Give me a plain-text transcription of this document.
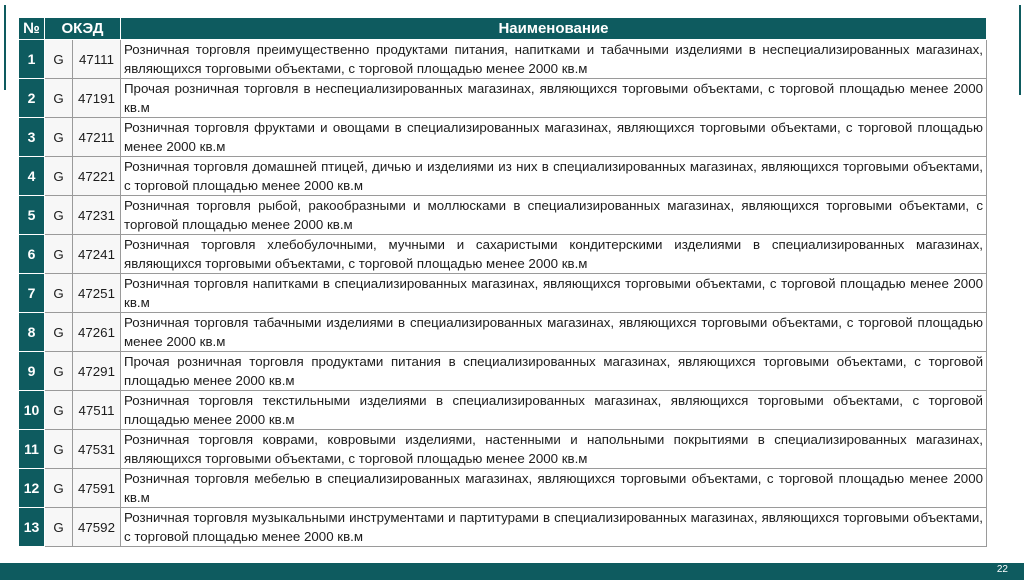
№	ОКЭД		Наименование
1	G	47111	Розничная торговля преимущественно продуктами питания, напитками и табачными изделиями в неспециализированных магазинах, являющихся торговыми объектами, с торговой площадью менее 2000 кв.м
2	G	47191	Прочая розничная торговля в неспециализированных магазинах, являющихся торговыми объектами, с торговой площадью менее 2000 кв.м
3	G	47211	Розничная торговля фруктами и овощами в специализированных магазинах, являющихся торговыми объектами, с торговой площадью менее 2000 кв.м
4	G	47221	Розничная торговля домашней птицей, дичью и изделиями из них в специализированных магазинах, являющихся торговыми объектами, с торговой площадью менее 2000 кв.м
5	G	47231	Розничная торговля рыбой, ракообразными и моллюсками в специализированных магазинах, являющихся торговыми объектами, с торговой площадью менее 2000 кв.м
6	G	47241	Розничная торговля хлебобулочными, мучными и сахаристыми кондитерскими изделиями в специализированных магазинах, являющихся торговыми объектами, с торговой площадью менее 2000 кв.м
7	G	47251	Розничная торговля напитками в специализированных магазинах, являющихся торговыми объектами, с торговой площадью менее 2000 кв.м
8	G	47261	Розничная торговля табачными изделиями в специализированных магазинах, являющихся торговыми объектами, с торговой площадью менее 2000 кв.м
9	G	47291	Прочая розничная торговля продуктами питания в специализированных магазинах, являющихся торговыми объектами, с торговой площадью менее 2000 кв.м
10	G	47511	Розничная торговля текстильными изделиями в специализированных магазинах, являющихся торговыми объектами, с торговой площадью менее 2000 кв.м
11	G	47531	Розничная торговля коврами, ковровыми изделиями, настенными и напольными покрытиями в специализированных магазинах, являющихся торговыми объектами, с торговой площадью менее 2000 кв.м
12	G	47591	Розничная торговля мебелью в специализированных магазинах, являющихся торговыми объектами, с торговой площадью менее 2000 кв.м
13	G	47592	Розничная торговля музыкальными инструментами и партитурами в специализированных магазинах, являющихся торговыми объектами, с торговой площадью менее 2000 кв.м
22
